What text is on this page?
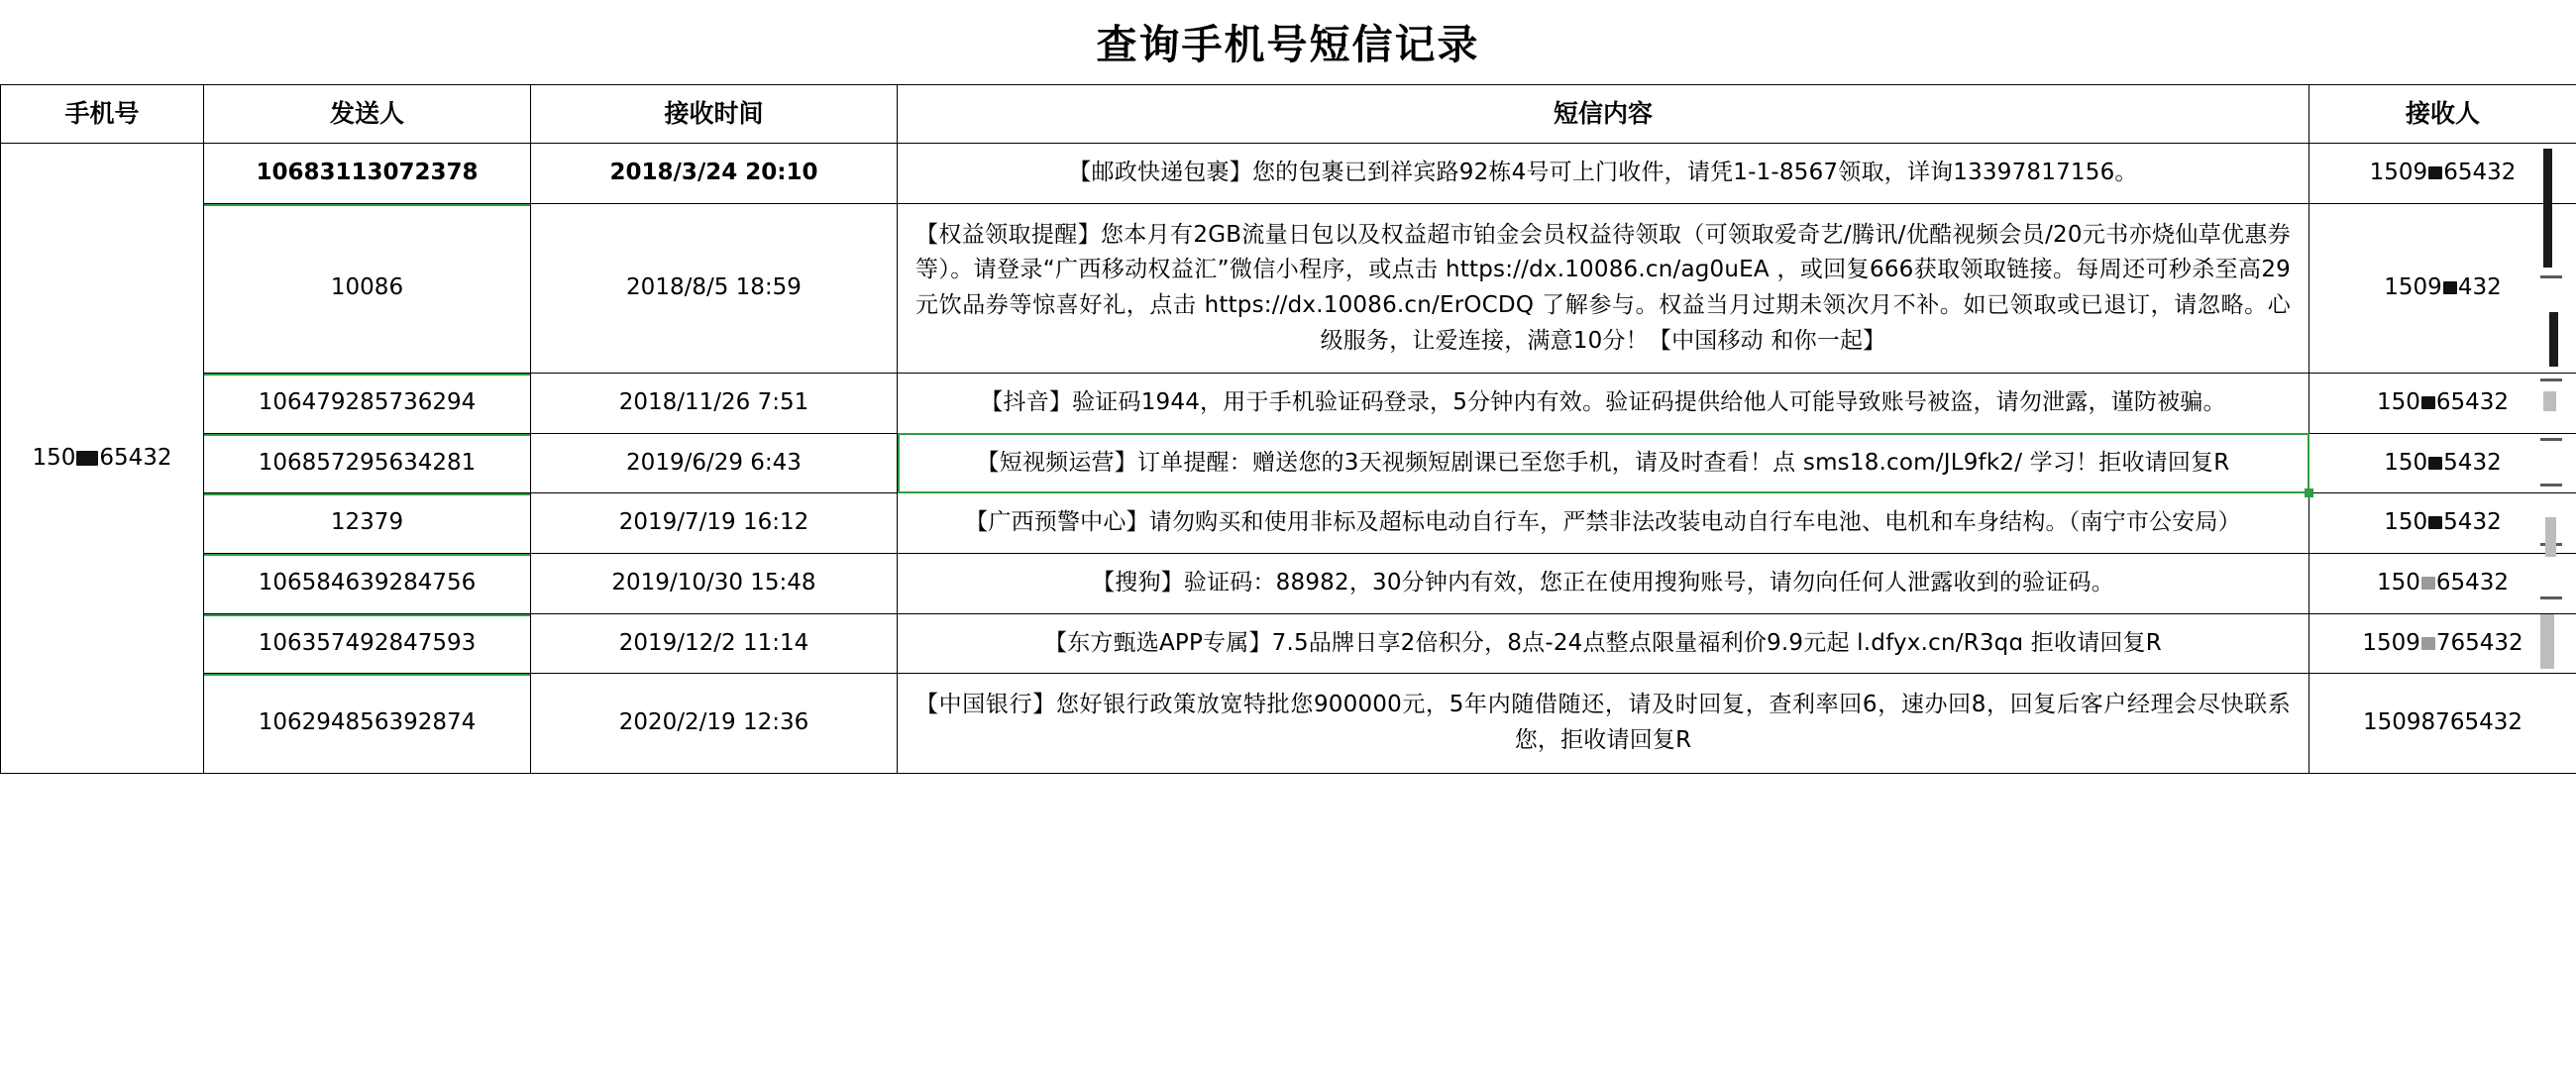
查询手机号短信记录
手机号	发送人	接收时间	短信内容	接收人

150 65432	10683113072378	2018/3/24 20:10	【邮政快递包裹】您的包裹已到祥宾路92栋4号可上门收件，请凭1-1-8567领取，详询13397817156。	1509 65432
	10086	2018/8/5 18:59	【权益领取提醒】您本月有2GB流量日包以及权益超市铂金会员权益待领取（可领取爱奇艺/腾讯/优酷视频会员/20元书亦烧仙草优惠券等）。请登录“广西移动权益汇”微信小程序，或点击 https://dx.10086.cn/aɡ0uEA ，或回复666获取领取链接。每周还可秒杀至高29元饮品券等惊喜好礼，点击 https://dx.10086.cn/ErOCDQ 了解参与。权益当月过期未领次月不补。如已领取或已退订，请忽略。心级服务，让爱连接，满意10分！【中国移动 和你一起】	1509 432
	106479285736294	2018/11/26 7:51	【抖音】验证码1944，用于手机验证码登录，5分钟内有效。验证码提供给他人可能导致账号被盗，请勿泄露，谨防被骗。	150 65432
	106857295634281	2019/6/29 6:43	【短视频运营】订单提醒：赠送您的3天视频短剧课已至您手机，请及时查看！点 sms18.com/JL9fk2/ 学习！拒收请回复R	150 5432
	12379	2019/7/19 16:12	【广西预警中心】请勿购买和使用非标及超标电动自行车，严禁非法改装电动自行车电池、电机和车身结构。（南宁市公安局）	150 5432
	106584639284756	2019/10/30 15:48	【搜狗】验证码：88982，30分钟内有效，您正在使用搜狗账号，请勿向任何人泄露收到的验证码。	150 65432
	106357492847593	2019/12/2 11:14	【东方甄选APP专属】7.5品牌日享2倍积分，8点-24点整点限量福利价9.9元起 l.dfyx.cn/R3qɑ 拒收请回复R	1509 765432
	106294856392874	2020/2/19 12:36	【中国银行】您好银行政策放宽特批您900000元，5年内随借随还，请及时回复，查利率回6，速办回8，回复后客户经理会尽快联系您，拒收请回复R	15098765432
